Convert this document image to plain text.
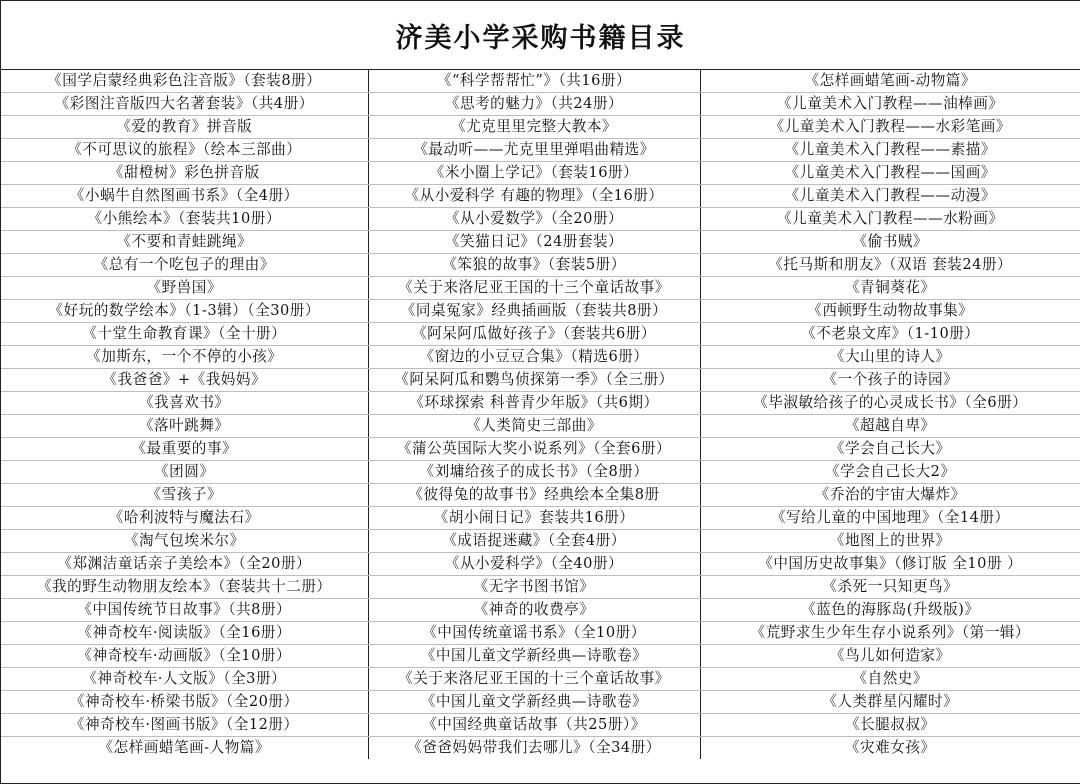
济美小学采购书籍目录
《国学启蒙经典彩色注音版》（套装8册）	《“科学帮帮忙”》（共16册）	《怎样画蜡笔画-动物篇》
《彩图注音版四大名著套装》（共4册）	《思考的魅力》（共24册）	《儿童美术入门教程——油棒画》
《爱的教育》拼音版	《尤克里里完整大教本》	《儿童美术入门教程——水彩笔画》
《不可思议的旅程》（绘本三部曲）	《最动听——尤克里里弹唱曲精选》	《儿童美术入门教程——素描》
《甜橙树》彩色拼音版	《米小圈上学记》（套装16册）	《儿童美术入门教程——国画》
《小蜗牛自然图画书系》（全4册）	《从小爱科学 有趣的物理》（全16册）	《儿童美术入门教程——动漫》
《小熊绘本》（套装共10册）	《从小爱数学》（全20册）	《儿童美术入门教程——水粉画》
《不要和青蛙跳绳》	《笑猫日记》（24册套装）	《偷书贼》
《总有一个吃包子的理由》	《笨狼的故事》（套装5册）	《托马斯和朋友》（双语 套装24册）
《野兽国》	《关于来洛尼亚王国的十三个童话故事》	《青铜葵花》
《好玩的数学绘本》（1-3辑）（全30册）	《同桌冤家》经典插画版（套装共8册）	《西顿野生动物故事集》
《十堂生命教育课》（全十册）	《阿呆阿瓜做好孩子》（套装共6册）	《不老泉文库》（1-10册）
《加斯东，一个不停的小孩》	《窗边的小豆豆合集》（精选6册）	《大山里的诗人》
《我爸爸》+《我妈妈》	《阿呆阿瓜和鹦鸟侦探第一季》（全三册）	《一个孩子的诗园》
《我喜欢书》	《环球探索 科普青少年版》（共6期）	《毕淑敏给孩子的心灵成长书》（全6册）
《落叶跳舞》	《人类简史三部曲》	《超越自卑》
《最重要的事》	《蒲公英国际大奖小说系列》（全套6册）	《学会自己长大》
《团圆》	《刘墉给孩子的成长书》（全8册）	《学会自己长大2》
《雪孩子》	《彼得兔的故事书》经典绘本全集8册	《乔治的宇宙大爆炸》
《哈利波特与魔法石》	《胡小闹日记》套装共16册）	《写给儿童的中国地理》（全14册）
《淘气包埃米尔》	《成语捉迷藏》（全套4册）	《地图上的世界》
《郑渊洁童话亲子美绘本》（全20册）	《从小爱科学》（全40册）	《中国历史故事集》（修订版 全10册 ）
《我的野生动物朋友绘本》（套装共十二册）	《无字书图书馆》	《杀死一只知更鸟》
《中国传统节日故事》（共8册）	《神奇的收费亭》	《蓝色的海豚岛(升级版)》
《神奇校车·阅读版》（全16册）	《中国传统童谣书系》（全10册）	《荒野求生少年生存小说系列》（第一辑）
《神奇校车·动画版》（全10册）	《中国儿童文学新经典—诗歌卷》	《鸟儿如何造家》
《神奇校车·人文版》（全3册）	《关于来洛尼亚王国的十三个童话故事》	《自然史》
《神奇校车·桥梁书版》（全20册）	《中国儿童文学新经典—诗歌卷》	《人类群星闪耀时》
《神奇校车·图画书版》（全12册）	《中国经典童话故事（共25册）》	《长腿叔叔》
《怎样画蜡笔画-人物篇》	《爸爸妈妈带我们去哪儿》（全34册）	《灾难女孩》
